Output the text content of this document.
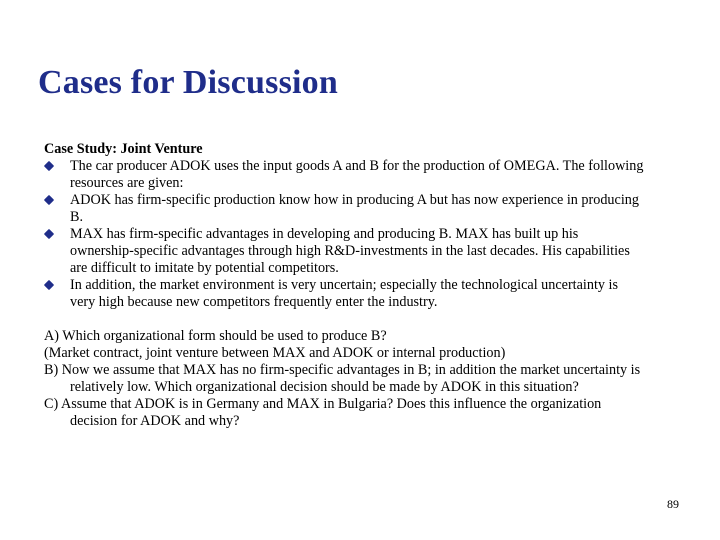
Cases for Discussion

Case Study: Joint Venture

The car producer ADOK uses the input goods A and B for the production of OMEGA. The following resources are given:
ADOK has firm-specific production know how in producing A but has now experience in producing B.
MAX has firm-specific advantages in developing and producing B. MAX has built up his ownership-specific advantages through high R&D-investments in the last decades. His capabilities are difficult to imitate by potential competitors.
In addition, the market environment is very uncertain; especially the technological uncertainty is very high because new competitors frequently enter the industry.

A) Which organizational form should be used to produce B?

(Market contract, joint venture between MAX and ADOK or internal production)

B) Now we assume that MAX has no firm-specific advantages in B; in addition the market uncertainty is relatively low. Which organizational decision should be made by ADOK in this situation?

C) Assume that ADOK is in Germany and MAX in Bulgaria? Does this influence the organization decision for ADOK and why?

89
